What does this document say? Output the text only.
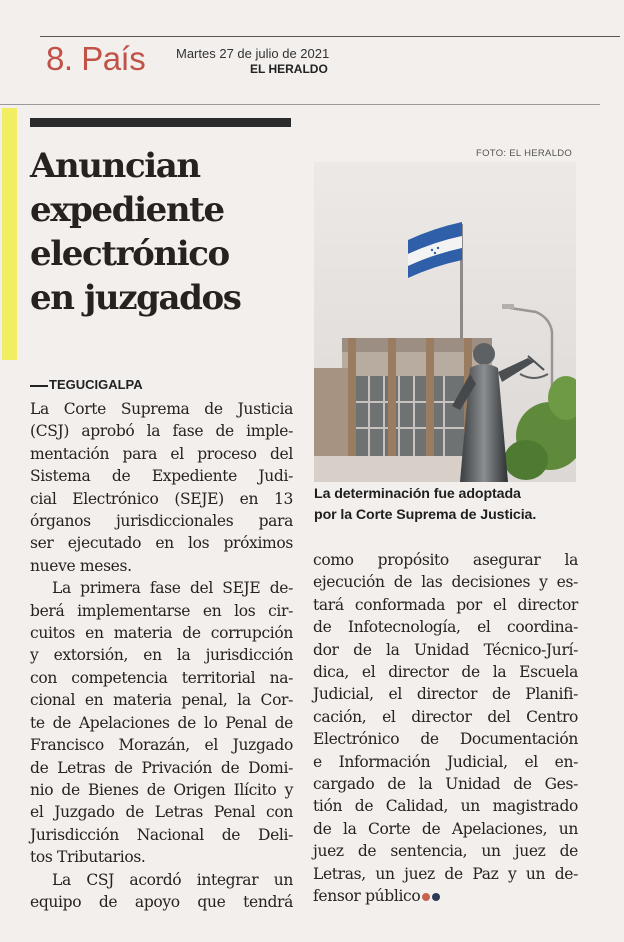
8. País Martes 27 de julio de 2021
EL HERALDO
Anuncian
expediente
electrónico
en juzgados
FOTO: EL HERALDO
La determinación fue adoptada
por la Corte Suprema de Justicia.
TEGUCIGALPA
La Corte Suprema de Justicia
(CSJ) aprobó la fase de imple-
mentación para el proceso del
Sistema de Expediente Judi-
cial Electrónico (SEJE) en 13
órganos jurisdiccionales para
ser ejecutado en los próximos
nueve meses.
La primera fase del SEJE de-
berá implementarse en los cir-
cuitos en materia de corrupción
y extorsión, en la jurisdicción
con competencia territorial na-
cional en materia penal, la Cor-
te de Apelaciones de lo Penal de
Francisco Morazán, el Juzgado
de Letras de Privación de Domi-
nio de Bienes de Origen Ilícito y
el Juzgado de Letras Penal con
Jurisdicción Nacional de Deli-
tos Tributarios.
La CSJ acordó integrar un
equipo de apoyo que tendrá
como propósito asegurar la
ejecución de las decisiones y es-
tará conformada por el director
de Infotecnología, el coordina-
dor de la Unidad Técnico-Jurí-
dica, el director de la Escuela
Judicial, el director de Planifi-
cación, el director del Centro
Electrónico de Documentación
e Información Judicial, el en-
cargado de la Unidad de Ges-
tión de Calidad, un magistrado
de la Corte de Apelaciones, un
juez de sentencia, un juez de
Letras, un juez de Paz y un de-
fensor público
